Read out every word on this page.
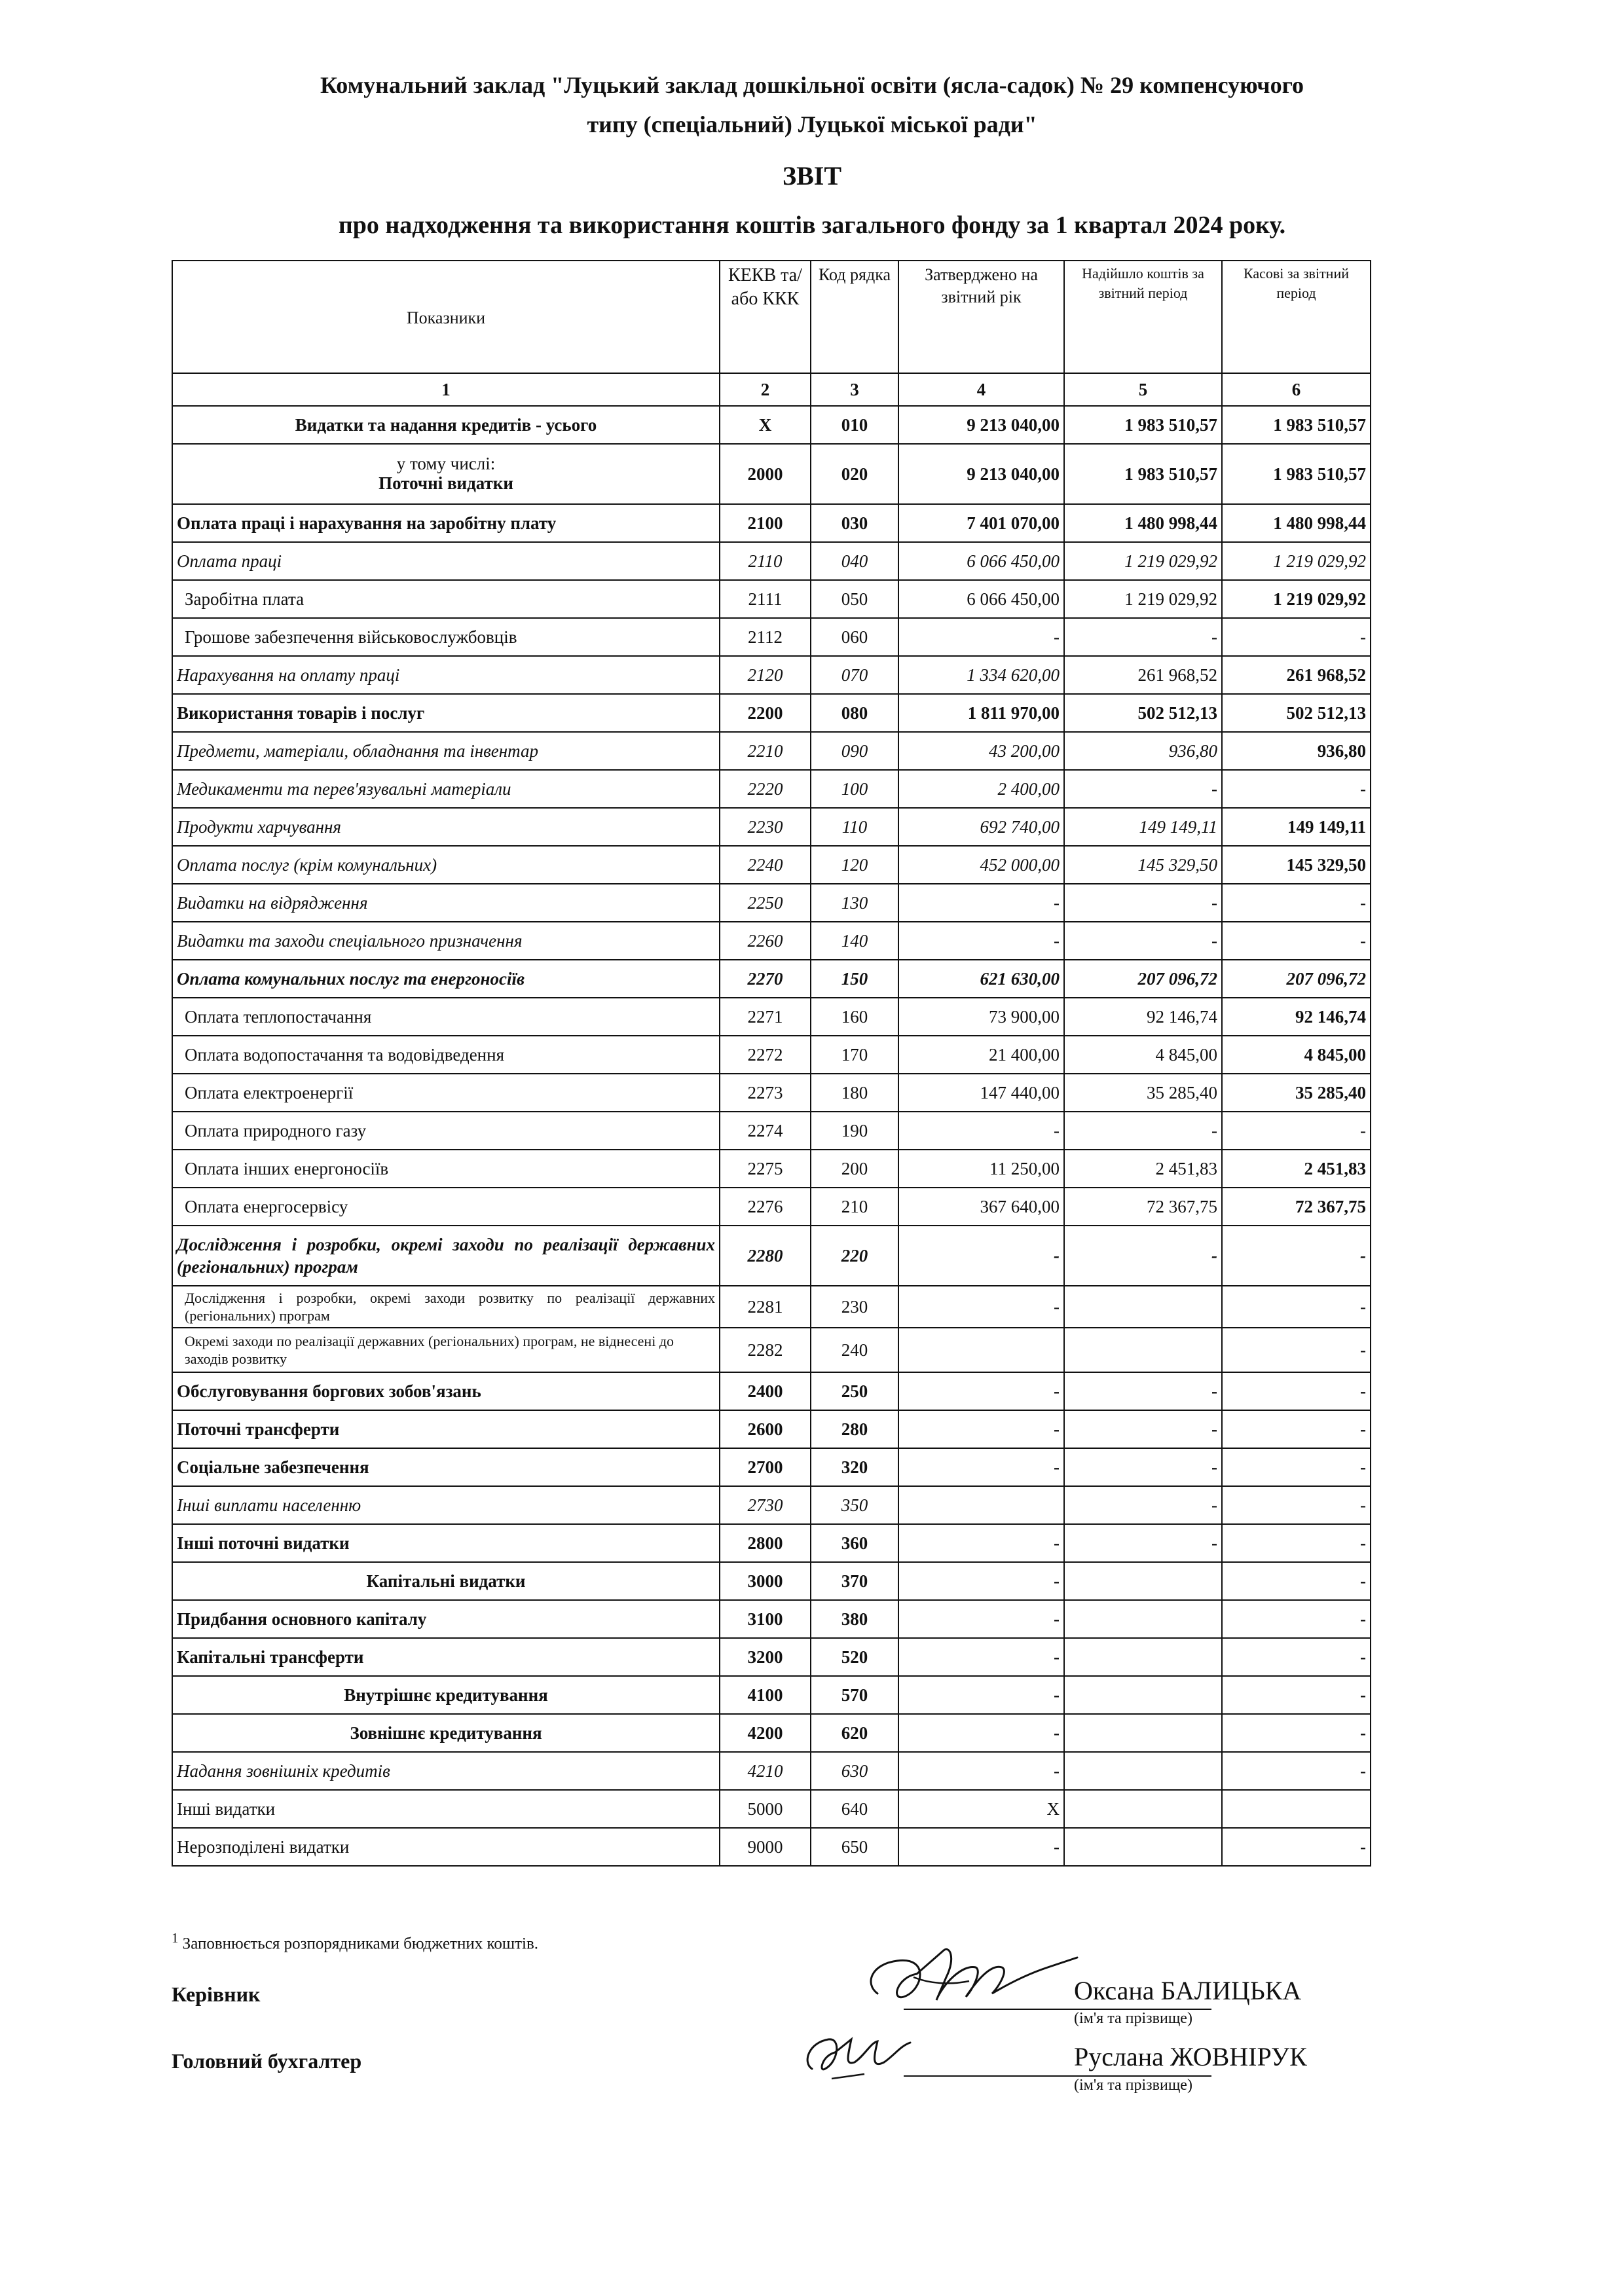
Комунальний заклад "Луцький заклад дошкільної освіти (ясла-садок) № 29 компенсуючого
типу (спеціальний) Луцької міської ради"
ЗВІТ
про надходження та використання коштів загального фонду за 1 квартал 2024 року.
Показники	КЕКВ та/або ККК	Код рядка	Затверджено на звітний рік	Надійшло коштів за звітний період	Касові за звітний період
1	2	3	4	5	6
Видатки та надання кредитів - усього	X	010	9 213 040,00	1 983 510,57	1 983 510,57

у тому числі:
Поточні видатки	2000	020	9 213 040,00	1 983 510,57	1 983 510,57
Оплата праці і нарахування на заробітну плату	2100	030	7 401 070,00	1 480 998,44	1 480 998,44
Оплата праці	2110	040	6 066 450,00	1 219 029,92	1 219 029,92
Заробітна плата	2111	050	6 066 450,00	1 219 029,92	1 219 029,92
Грошове забезпечення військовослужбовців	2112	060	-	-	-
Нарахування на оплату праці	2120	070	1 334 620,00	261 968,52	261 968,52
Використання товарів і послуг	2200	080	1 811 970,00	502 512,13	502 512,13
Предмети, матеріали, обладнання та інвентар	2210	090	43 200,00	936,80	936,80
Медикаменти та перев'язувальні матеріали	2220	100	2 400,00	-	-
Продукти харчування	2230	110	692 740,00	149 149,11	149 149,11
Оплата послуг (крім комунальних)	2240	120	452 000,00	145 329,50	145 329,50
Видатки на відрядження	2250	130	-	-	-
Видатки та заходи спеціального призначення	2260	140	-	-	-
Оплата комунальних послуг та енергоносіїв	2270	150	621 630,00	207 096,72	207 096,72
Оплата теплопостачання	2271	160	73 900,00	92 146,74	92 146,74
Оплата водопостачання та водовідведення	2272	170	21 400,00	4 845,00	4 845,00
Оплата електроенергії	2273	180	147 440,00	35 285,40	35 285,40
Оплата природного газу	2274	190	-	-	-
Оплата інших енергоносіїв	2275	200	11 250,00	2 451,83	2 451,83
Оплата енергосервісу	2276	210	367 640,00	72 367,75	72 367,75
Дослідження і розробки, окремі заходи по реалізації державних (регіональних) програм	2280	220	-	-	-
Дослідження і розробки, окремі заходи розвитку по реалізації державних (регіональних) програм	2281	230	-		-
Окремі заходи по реалізації державних (регіональних) програм, не віднесені до заходів розвитку	2282	240			-
Обслуговування боргових зобов'язань	2400	250	-	-	-
Поточні трансферти	2600	280	-	-	-
Соціальне забезпечення	2700	320	-	-	-
Інші виплати населенню	2730	350		-	-
Інші поточні видатки	2800	360	-	-	-
Капітальні видатки	3000	370	-		-
Придбання основного капіталу	3100	380	-		-
Капітальні трансферти	3200	520	-		-
Внутрішнє кредитування	4100	570	-		-
Зовнішнє кредитування	4200	620	-		-
Надання зовнішніх кредитів	4210	630	-		-
Інші видатки	5000	640	X		
Нерозподілені видатки	9000	650	-		-
$^1$ Заповнюється розпорядниками бюджетних коштів.
Керівник	Оксана БАЛИЦЬКА
(ім'я та прізвище)
Головний бухгалтер	Руслана ЖОВНІРУК
(ім'я та прізвище)
